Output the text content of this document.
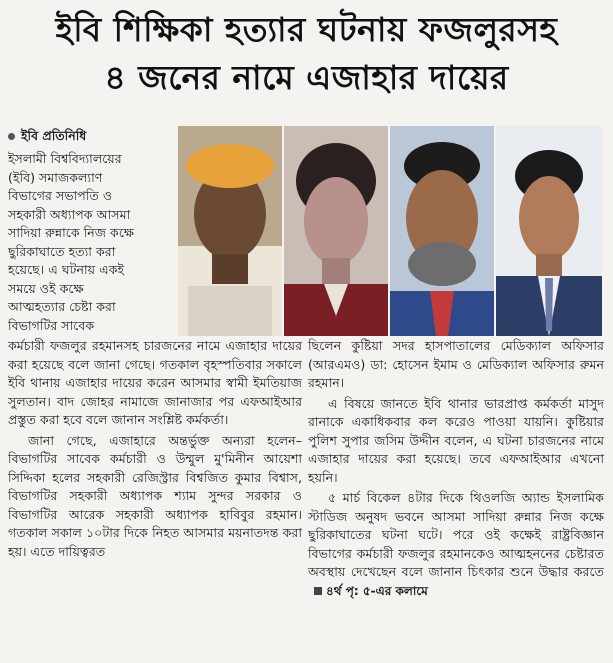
ইবি শিক্ষিকা হত্যার ঘটনায় ফজলুরসহ
৪ জনের নামে এজাহার দায়ের
ইবি প্রতিনিধি

ইসলামী বিশ্ববিদ্যালয়ের

(ইবি) সমাজকল্যাণ

বিভাগের সভাপতি ও

সহকারী অধ্যাপক আসমা

সাদিয়া রুন্নাকে নিজ কক্ষে

ছুরিকাঘাতে হত্যা করা

হয়েছে। এ ঘটনায় একই

সময়ে ওই কক্ষে

আত্মহত্যার চেষ্টা করা

বিভাগটির সাবেক

কর্মচারী ফজলুর রহমানসহ চারজনের নামে এজাহার দায়ের করা হয়েছে বলে জানা গেছে। গতকাল বৃহস্পতিবার সকালে ইবি থানায় এজাহার দায়ের করেন আসমার স্বামী ইমতিয়াজ সুলতান। বাদ জোহর নামাজে জানাজার পর এফআইআর প্রস্তুত করা হবে বলে জানান সংশ্লিষ্ট কর্মকর্তা।

জানা গেছে, এজাহারে অন্তর্ভুক্ত অন্যরা হলেন– বিভাগটির সাবেক কর্মচারী ও উম্মুল মু'মিনীন আয়েশা সিদ্দিকা হলের সহকারী রেজিস্ট্রার বিশ্বজিত কুমার বিশ্বাস, বিভাগটির সহকারী অধ্যাপক শ্যাম সুন্দর সরকার ও বিভাগটির আরেক সহকারী অধ্যাপক হাবিবুর রহমান। গতকাল সকাল ১০টার দিকে নিহত আসমার ময়নাতদন্ত করা হয়। এতে দায়িত্বরত

ছিলেন কুষ্টিয়া সদর হাসপাতালের মেডিক্যাল অফিসার (আরএমও) ডা: হোসেন ইমাম ও মেডিক্যাল অফিসার রুমন রহমান।

এ বিষয়ে জানতে ইবি থানার ভারপ্রাপ্ত কর্মকর্তা মাসুদ রানাকে একাধিকবার কল করেও পাওয়া যায়নি। কুষ্টিয়ার পুলিশ সুপার জসিম উদ্দীন বলেন, এ ঘটনা চারজনের নামে এজাহার দায়ের করা হয়েছে। তবে এফআইআর এখনো হয়নি।

৫ মার্চ বিকেল ৪টার দিকে থিওলজি অ্যান্ড ইসলামিক স্টাডিজ অনুষদ ভবনে আসমা সাদিয়া রুন্নার নিজ কক্ষে ছুরিকাঘাতের ঘটনা ঘটে। পরে ওই কক্ষেই রাষ্ট্রবিজ্ঞান বিভাগের কর্মচারী ফজলুর রহমানকেও আত্মহননের চেষ্টারত অবস্থায় দেখেছেন বলে জানান চিৎকার শুনে উদ্ধার করতে৪র্থ পৃ: ৫-এর কলামে
